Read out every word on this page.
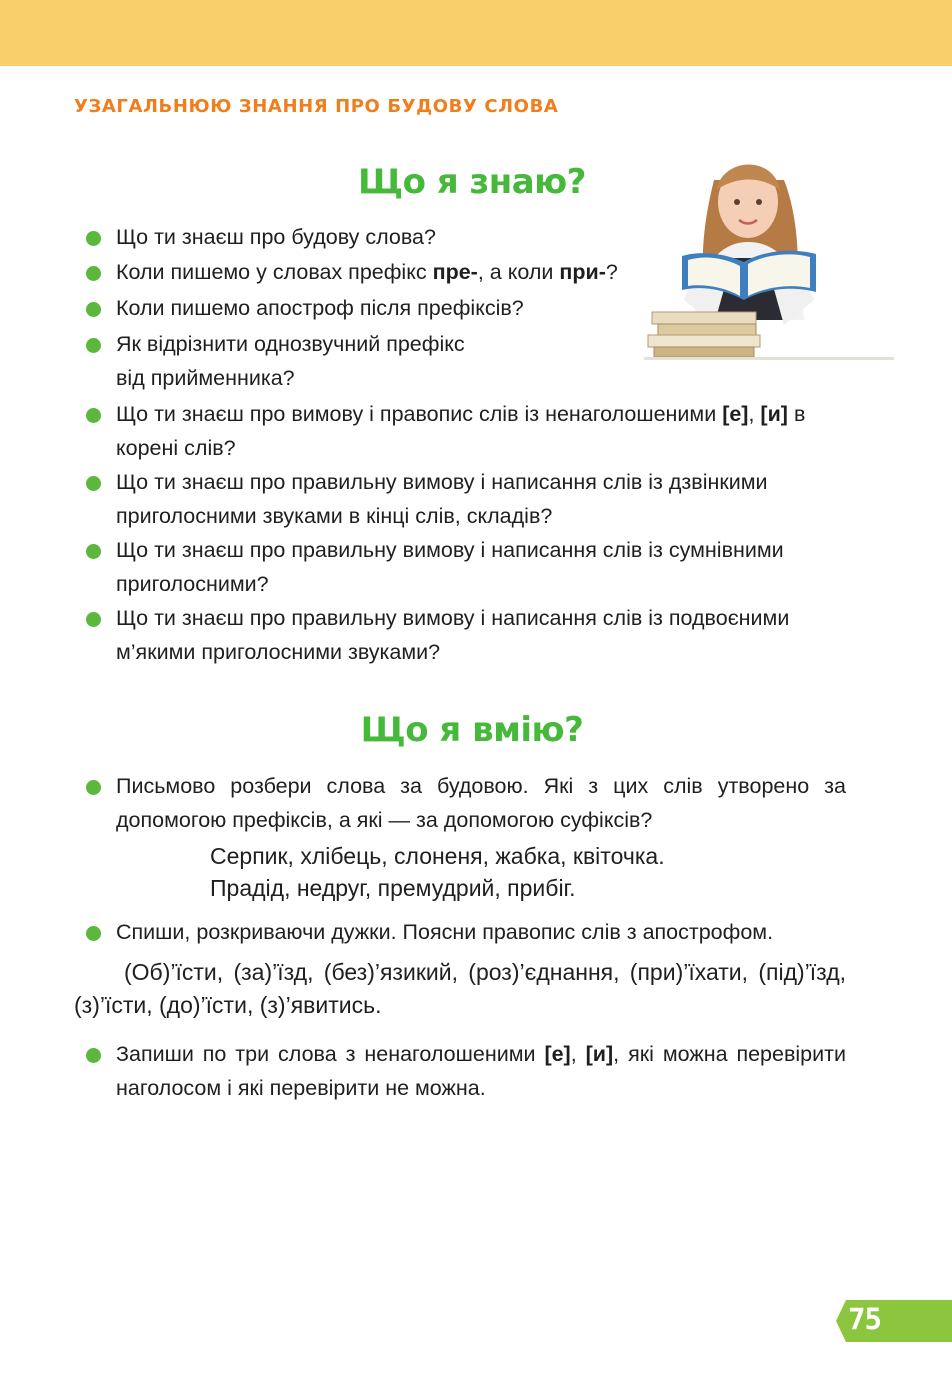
УЗАГАЛЬНЮЮ ЗНАННЯ ПРО БУДОВУ СЛОВА
Що я знаю?

Що ти знаєш про будову слова?

Коли пишемо у словах префікс пре-, а коли при-?

Коли пишемо апостроф після префіксів?

Як відрізнити однозвучний префікс
від прийменника?

Що ти знаєш про вимову і правопис слів із ненаголошеними [е], [и] в корені слів?

Що ти знаєш про правильну вимову і написання слів із дзвінкими приголосними звуками в кінці слів, складів?

Що ти знаєш про правильну вимову і написання слів із сумнівними приголосними?

Що ти знаєш про правильну вимову і написання слів із подвоєними м’якими приголосними звуками?

Що я вмію?

Письмово розбери слова за будовою. Які з цих слів утворено за допомогою префіксів, а які — за допомогою суфіксів?

Серпик, хлібець, слоненя, жабка, квіточка.
Прадід, недруг, премудрий, прибіг.

Спиши, розкриваючи дужки. Поясни правопис слів з апострофом.

(Об)’їсти, (за)’їзд, (без)’язикий, (роз)’єднання, (при)’їхати, (під)’їзд, (з)’їсти, (до)’їсти, (з)’явитись.

Запиши по три слова з ненаголошеними [е], [и], які можна перевірити наголосом і які перевірити не можна.

75
